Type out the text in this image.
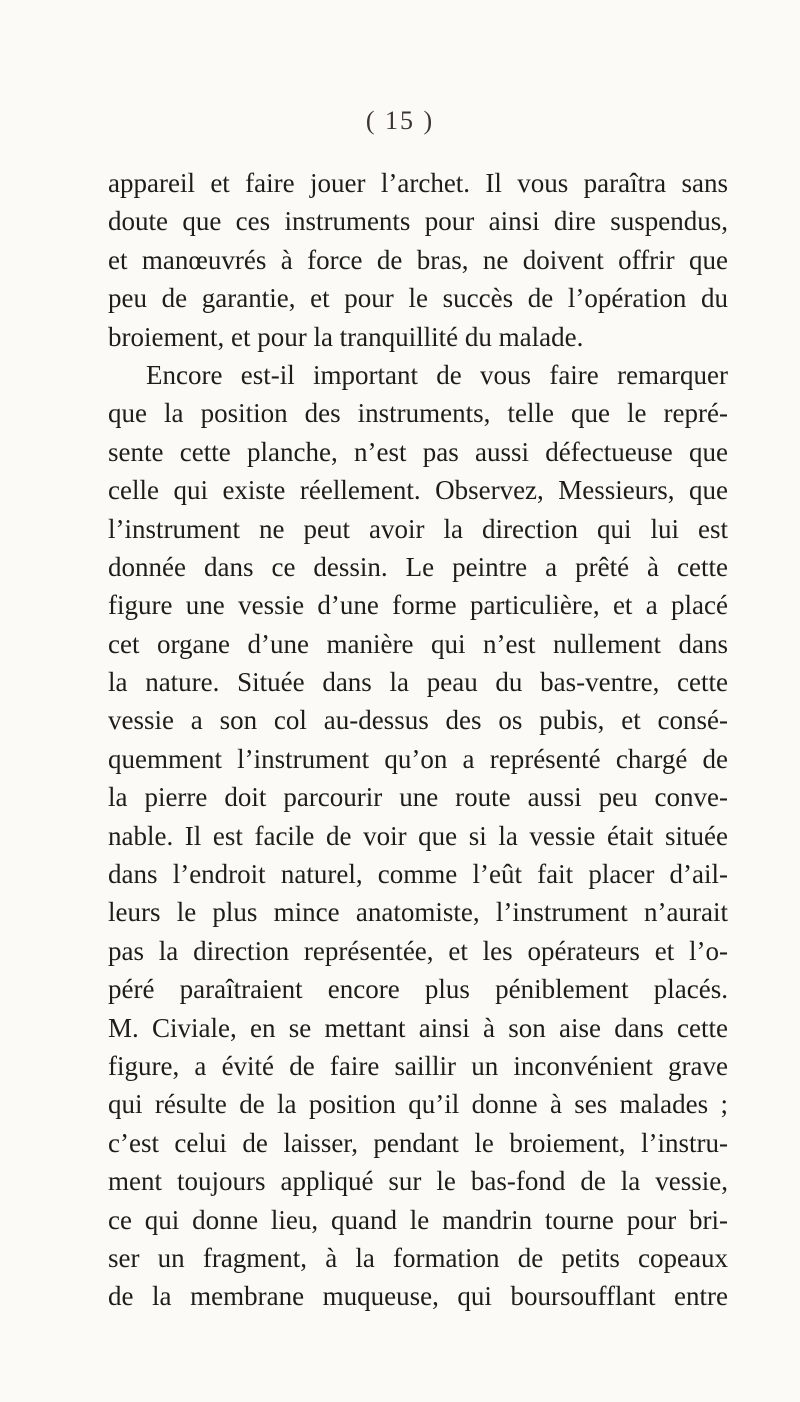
( 15 )
appareil et faire jouer l’archet. Il vous paraîtra sans
doute que ces instruments pour ainsi dire suspendus,
et manœuvrés à force de bras, ne doivent offrir que
peu de garantie, et pour le succès de l’opération du
broiement, et pour la tranquillité du malade.
Encore est-il important de vous faire remarquer
que la position des instruments, telle que le repré-
sente cette planche, n’est pas aussi défectueuse que
celle qui existe réellement. Observez, Messieurs, que
l’instrument ne peut avoir la direction qui lui est
donnée dans ce dessin. Le peintre a prêté à cette
figure une vessie d’une forme particulière, et a placé
cet organe d’une manière qui n’est nullement dans
la nature. Située dans la peau du bas-ventre, cette
vessie a son col au-dessus des os pubis, et consé-
quemment l’instrument qu’on a représenté chargé de
la pierre doit parcourir une route aussi peu conve-
nable. Il est facile de voir que si la vessie était située
dans l’endroit naturel, comme l’eût fait placer d’ail-
leurs le plus mince anatomiste, l’instrument n’aurait
pas la direction représentée, et les opérateurs et l’o-
péré paraîtraient encore plus péniblement placés.
M. Civiale, en se mettant ainsi à son aise dans cette
figure, a évité de faire saillir un inconvénient grave
qui résulte de la position qu’il donne à ses malades ;
c’est celui de laisser, pendant le broiement, l’instru-
ment toujours appliqué sur le bas-fond de la vessie,
ce qui donne lieu, quand le mandrin tourne pour bri-
ser un fragment, à la formation de petits copeaux
de la membrane muqueuse, qui boursoufflant entre
